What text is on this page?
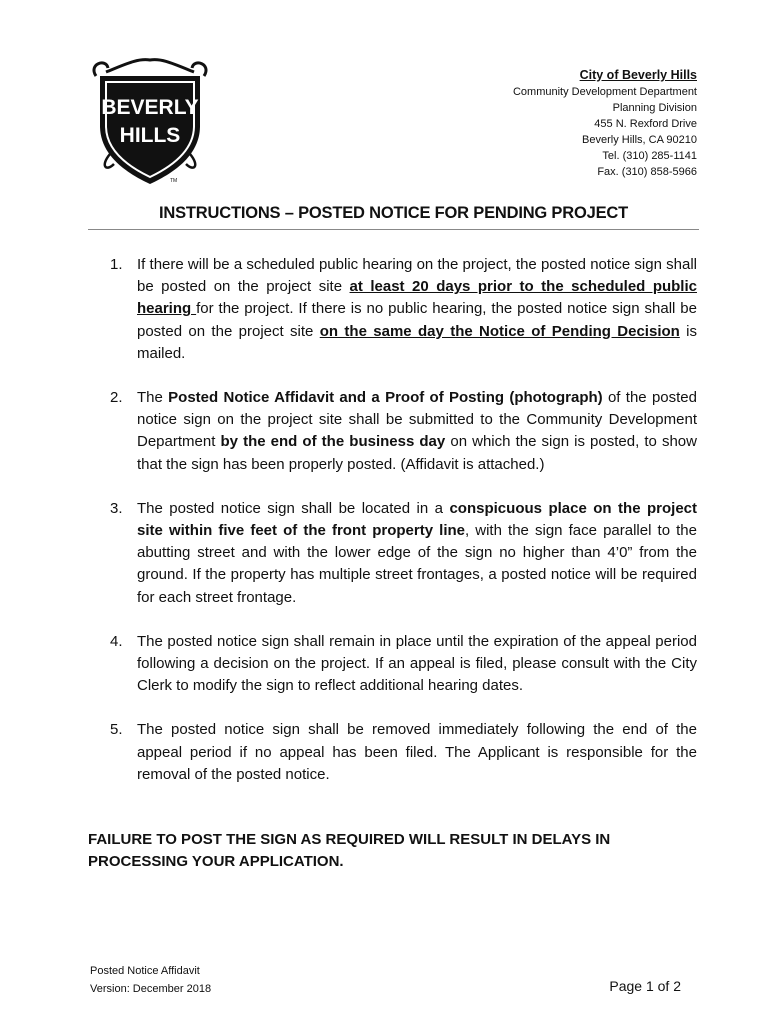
BEVERLY
HILLS
TM
City of Beverly Hills
Community Development Department
Planning Division
455 N. Rexford Drive
Beverly Hills, CA 90210
Tel. (310) 285-1141
Fax. (310) 858-5966
INSTRUCTIONS – POSTED NOTICE FOR PENDING PROJECT
1. If there will be a scheduled public hearing on the project, the posted notice sign shall be posted on the project site at least 20 days prior to the scheduled public hearing for the project. If there is no public hearing, the posted notice sign shall be posted on the project site on the same day the Notice of Pending Decision is mailed.
2. The Posted Notice Affidavit and a Proof of Posting (photograph) of the posted notice sign on the project site shall be submitted to the Community Development Department by the end of the business day on which the sign is posted, to show that the sign has been properly posted. (Affidavit is attached.)
3. The posted notice sign shall be located in a conspicuous place on the project site within five feet of the front property line, with the sign face parallel to the abutting street and with the lower edge of the sign no higher than 4’0” from the ground. If the property has multiple street frontages, a posted notice will be required for each street frontage.
4. The posted notice sign shall remain in place until the expiration of the appeal period following a decision on the project. If an appeal is filed, please consult with the City Clerk to modify the sign to reflect additional hearing dates.
5. The posted notice sign shall be removed immediately following the end of the appeal period if no appeal has been filed. The Applicant is responsible for the removal of the posted notice.
FAILURE TO POST THE SIGN AS REQUIRED WILL RESULT IN DELAYS IN PROCESSING YOUR APPLICATION.
Posted Notice Affidavit
Version: December 2018	Page 1 of 2
